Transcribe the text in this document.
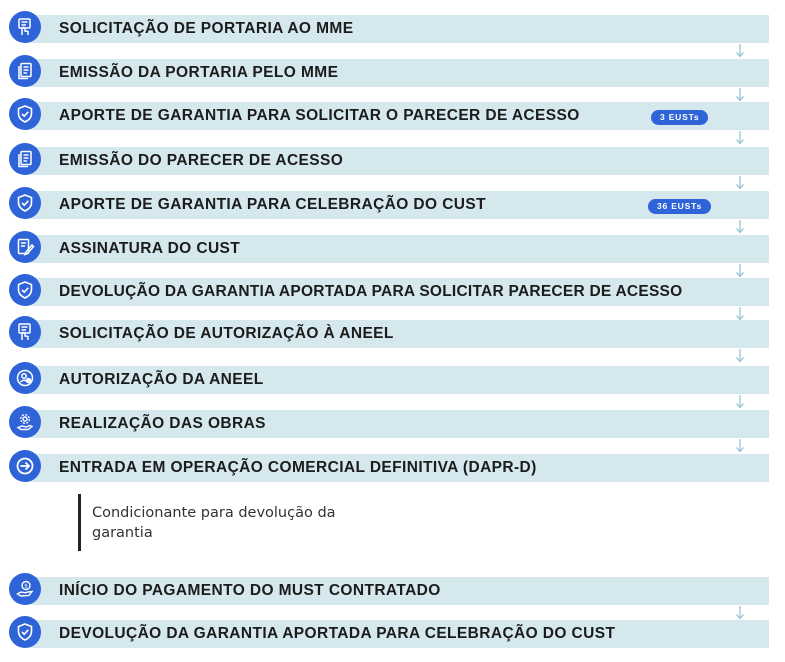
SOLICITAÇÃO DE PORTARIA AO MME
EMISSÃO DA PORTARIA PELO MME
APORTE DE GARANTIA PARA SOLICITAR O PARECER DE ACESSO	3 EUSTs
EMISSÃO DO PARECER DE ACESSO
APORTE DE GARANTIA PARA CELEBRAÇÃO DO CUST	36 EUSTs
ASSINATURA DO CUST
DEVOLUÇÃO DA GARANTIA APORTADA PARA SOLICITAR PARECER DE ACESSO
SOLICITAÇÃO DE AUTORIZAÇÃO À ANEEL
AUTORIZAÇÃO DA ANEEL
REALIZAÇÃO DAS OBRAS
ENTRADA EM OPERAÇÃO COMERCIAL DEFINITIVA (DAPR-D)
$ INÍCIO DO PAGAMENTO DO MUST CONTRATADO
DEVOLUÇÃO DA GARANTIA APORTADA PARA CELEBRAÇÃO DO CUST
Condicionante para devolução da garantia
